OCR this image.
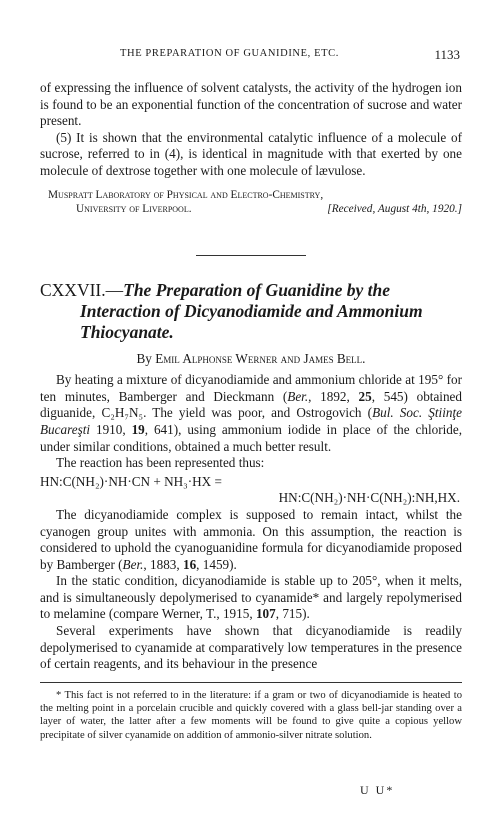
THE PREPARATION OF GUANIDINE, ETC.	1133

of expressing the influence of solvent catalysts, the activity of the hydrogen ion is found to be an exponential function of the concentration of sucrose and water present.

(5) It is shown that the environmental catalytic influence of a molecule of sucrose, referred to in (4), is identical in magnitude with that exerted by one molecule of dextrose together with one molecule of lævulose.

Muspratt Laboratory of Physical and Electro-Chemistry,
University of Liverpool.	[Received, August 4th, 1920.]
CXXVII.—The Preparation of Guanidine by the
Interaction of Dicyanodiamide and Ammonium
Thiocyanate.
By Emil Alphonse Werner and James Bell.

By heating a mixture of dicyanodiamide and ammonium chloride at 195° for ten minutes, Bamberger and Dieckmann (Ber., 1892, 25, 545) obtained diguanide, C₂H₇N₅. The yield was poor, and Ostrogovich (Bul. Soc. Ştiinţe Bucareşti 1910, 19, 641), using ammonium iodide in place of the chloride, under similar conditions, obtained a much better result.

The reaction has been represented thus:

HN:C(NH₂)·NH·CN + NH₃·HX =
HN:C(NH₂)·NH·C(NH₂):NH,HX.

The dicyanodiamide complex is supposed to remain intact, whilst the cyanogen group unites with ammonia. On this assumption, the reaction is considered to uphold the cyanoguanidine formula for dicyanodiamide proposed by Bamberger (Ber., 1883, 16, 1459).

In the static condition, dicyanodiamide is stable up to 205°, when it melts, and is simultaneously depolymerised to cyanamide* and largely repolymerised to melamine (compare Werner, T., 1915, 107, 715).

Several experiments have shown that dicyanodiamide is readily depolymerised to cyanamide at comparatively low temperatures in the presence of certain reagents, and its behaviour in the presence

* This fact is not referred to in the literature: if a gram or two of dicyanodiamide is heated to the melting point in a porcelain crucible and quickly covered with a glass bell-jar standing over a layer of water, the latter after a few moments will be found to give quite a copious yellow precipitate of silver cyanamide on addition of ammonio-silver nitrate solution.

U U*
